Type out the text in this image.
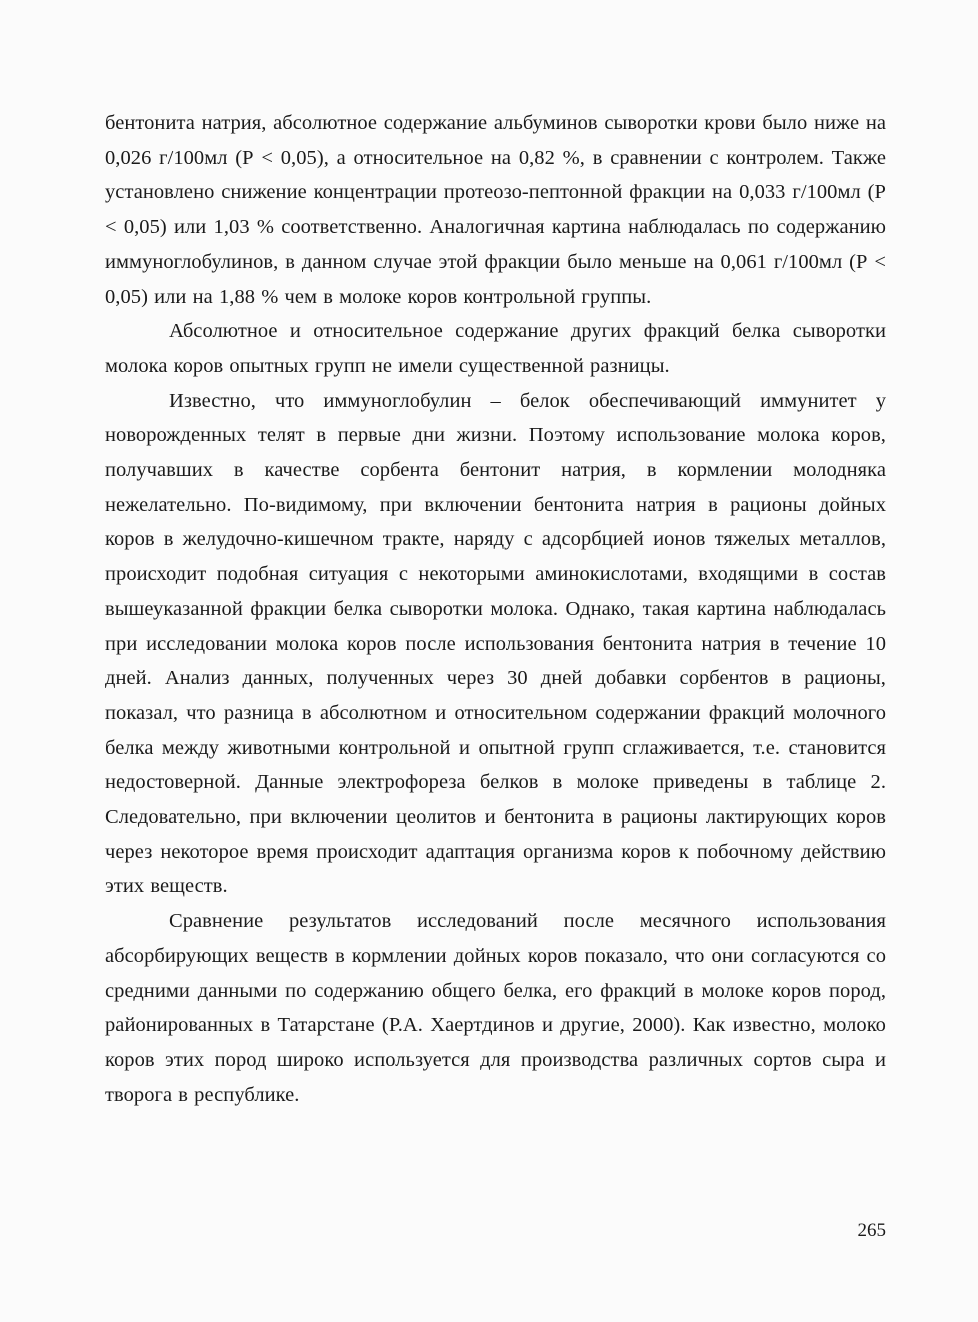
бентонита натрия, абсолютное содержание альбуминов сыворотки крови было ниже на 0,026 г/100мл (Р < 0,05), а относительное на 0,82 %, в сравнении с контролем. Также установлено снижение концентрации протеозо-пептонной фракции на 0,033 г/100мл (Р < 0,05) или 1,03 % соответственно. Аналогичная картина наблюдалась по содержанию иммуноглобулинов, в данном случае этой фракции было меньше на 0,061 г/100мл (Р < 0,05) или на 1,88 % чем в молоке коров контрольной группы.

Абсолютное и относительное содержание других фракций белка сыворотки молока коров опытных групп не имели существенной разницы.

Известно, что иммуноглобулин – белок обеспечивающий иммунитет у новорожденных телят в первые дни жизни. Поэтому использование молока коров, получавших в качестве сорбента бентонит натрия, в кормлении молодняка нежелательно. По-видимому, при включении бентонита натрия в рационы дойных коров в желудочно-кишечном тракте, наряду с адсорбцией ионов тяжелых металлов, происходит подобная ситуация с некоторыми аминокислотами, входящими в состав вышеуказанной фракции белка сыворотки молока. Однако, такая картина наблюдалась при исследовании молока коров после использования бентонита натрия в течение 10 дней. Анализ данных, полученных через 30 дней добавки сорбентов в рационы, показал, что разница в абсолютном и относительном содержании фракций молочного белка между животными контрольной и опытной групп сглаживается, т.е. становится недостоверной. Данные электрофореза белков в молоке приведены в таблице 2. Следовательно, при включении цеолитов и бентонита в рационы лактирующих коров через некоторое время происходит адаптация организма коров к побочному действию этих веществ.

Сравнение результатов исследований после месячного использования абсорбирующих веществ в кормлении дойных коров показало, что они согласуются со средними данными по содержанию общего белка, его фракций в молоке коров пород, районированных в Татарстане (Р.А. Хаертдинов и другие, 2000). Как известно, молоко коров этих пород широко используется для производства различных сортов сыра и творога в республике.

265
